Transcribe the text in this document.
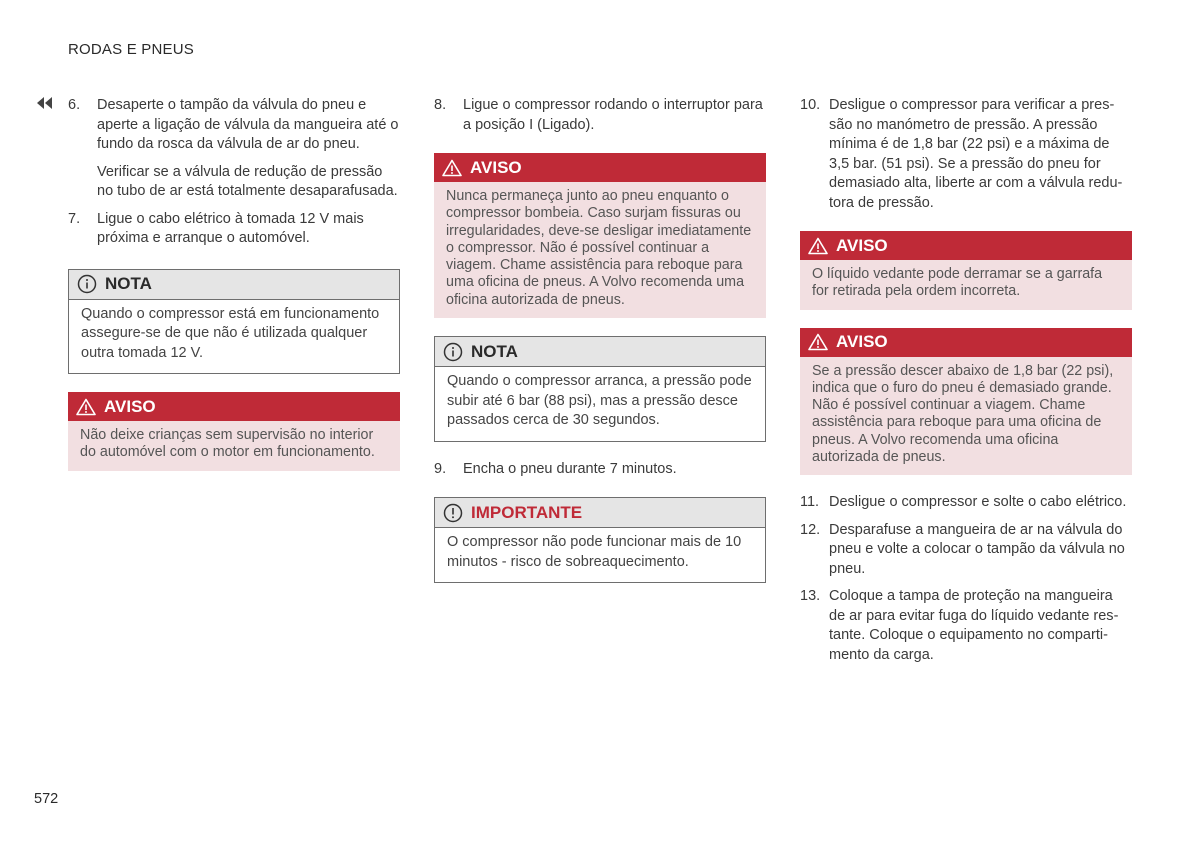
RODAS E PNEUS
6.	Desaperte o tampão da válvula do pneu e aperte a ligação de válvula da mangueira até o fundo da rosca da válvula de ar do pneu.
Verificar se a válvula de redução de pressão no tubo de ar está totalmente desaparafusada.
7.	Ligue o cabo elétrico à tomada 12 V mais próxima e arranque o automóvel.
NOTA
Quando o compressor está em funcionamento assegure-se de que não é utilizada qualquer outra tomada 12 V.
AVISO
Não deixe crianças sem supervisão no interior do automóvel com o motor em funcionamento.
8.	Ligue o compressor rodando o interruptor para a posição I (Ligado).
AVISO
Nunca permaneça junto ao pneu enquanto o compressor bombeia. Caso surjam fissuras ou irregularidades, deve-se desligar imediatamente o compressor. Não é possível continuar a viagem. Chame assistência para reboque para uma oficina de pneus. A Volvo recomenda uma oficina autorizada de pneus.
NOTA
Quando o compressor arranca, a pressão pode subir até 6 bar (88 psi), mas a pressão desce passados cerca de 30 segundos.
9.	Encha o pneu durante 7 minutos.
IMPORTANTE
O compressor não pode funcionar mais de 10 minutos - risco de sobreaquecimento.
10. Desligue o compressor para verificar a pressão no manómetro de pressão. A pressão mínima é de 1,8 bar (22 psi) e a máxima de 3,5 bar. (51 psi). Se a pressão do pneu for demasiado alta, liberte ar com a válvula redutora de pressão.
AVISO
O líquido vedante pode derramar se a garrafa for retirada pela ordem incorreta.
AVISO
Se a pressão descer abaixo de 1,8 bar (22 psi), indica que o furo do pneu é demasiado grande. Não é possível continuar a viagem. Chame assistência para reboque para uma oficina de pneus. A Volvo recomenda uma oficina autorizada de pneus.
11. Desligue o compressor e solte o cabo elétrico.
12. Desparafuse a mangueira de ar na válvula do pneu e volte a colocar o tampão da válvula no pneu.
13. Coloque a tampa de proteção na mangueira de ar para evitar fuga do líquido vedante restante. Coloque o equipamento no compartimento da carga.
572
